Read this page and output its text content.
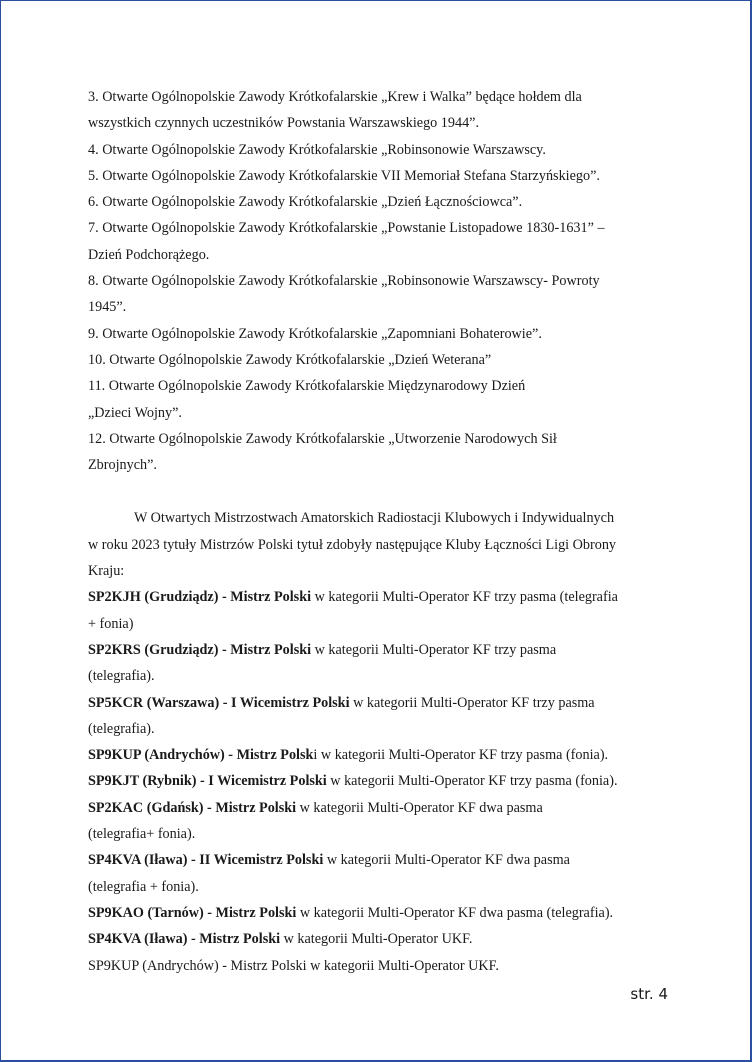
3. Otwarte Ogólnopolskie Zawody Krótkofalarskie „Krew i Walka” będące hołdem dla
wszystkich czynnych uczestników Powstania Warszawskiego 1944”.
4. Otwarte Ogólnopolskie Zawody Krótkofalarskie „Robinsonowie Warszawscy.
5. Otwarte Ogólnopolskie Zawody Krótkofalarskie VII Memoriał Stefana Starzyńskiego”.
6. Otwarte Ogólnopolskie Zawody Krótkofalarskie „Dzień Łącznościowca”.
7. Otwarte Ogólnopolskie Zawody Krótkofalarskie „Powstanie Listopadowe 1830-1631” –
Dzień Podchorążego.
8. Otwarte Ogólnopolskie Zawody Krótkofalarskie „Robinsonowie Warszawscy- Powroty
1945”.
9. Otwarte Ogólnopolskie Zawody Krótkofalarskie „Zapomniani Bohaterowie”.
10. Otwarte Ogólnopolskie Zawody Krótkofalarskie „Dzień Weterana”
11. Otwarte Ogólnopolskie Zawody Krótkofalarskie Międzynarodowy Dzień
„Dzieci Wojny”.
12. Otwarte Ogólnopolskie Zawody Krótkofalarskie „Utworzenie Narodowych Sił
Zbrojnych”.
W Otwartych Mistrzostwach Amatorskich Radiostacji Klubowych i Indywidualnych
w roku 2023 tytuły Mistrzów Polski tytuł zdobyły następujące Kluby Łączności Ligi Obrony
Kraju:
SP2KJH (Grudziądz) - Mistrz Polski w kategorii Multi-Operator KF trzy pasma (telegrafia
+ fonia)
SP2KRS (Grudziądz) - Mistrz Polski w kategorii Multi-Operator KF trzy pasma
(telegrafia).
SP5KCR (Warszawa) - I Wicemistrz Polski w kategorii Multi-Operator KF trzy pasma
(telegrafia).
SP9KUP (Andrychów) - Mistrz Polski w kategorii Multi-Operator KF trzy pasma (fonia).
SP9KJT (Rybnik) - I Wicemistrz Polski w kategorii Multi-Operator KF trzy pasma (fonia).
SP2KAC (Gdańsk) - Mistrz Polski w kategorii Multi-Operator KF dwa pasma
(telegrafia+ fonia).
SP4KVA (Iława) - II Wicemistrz Polski w kategorii Multi-Operator KF dwa pasma
(telegrafia + fonia).
SP9KAO (Tarnów) - Mistrz Polski w kategorii Multi-Operator KF dwa pasma (telegrafia).
SP4KVA (Iława) - Mistrz Polski w kategorii Multi-Operator UKF.
SP9KUP (Andrychów) - Mistrz Polski w kategorii Multi-Operator UKF.
str. 4
